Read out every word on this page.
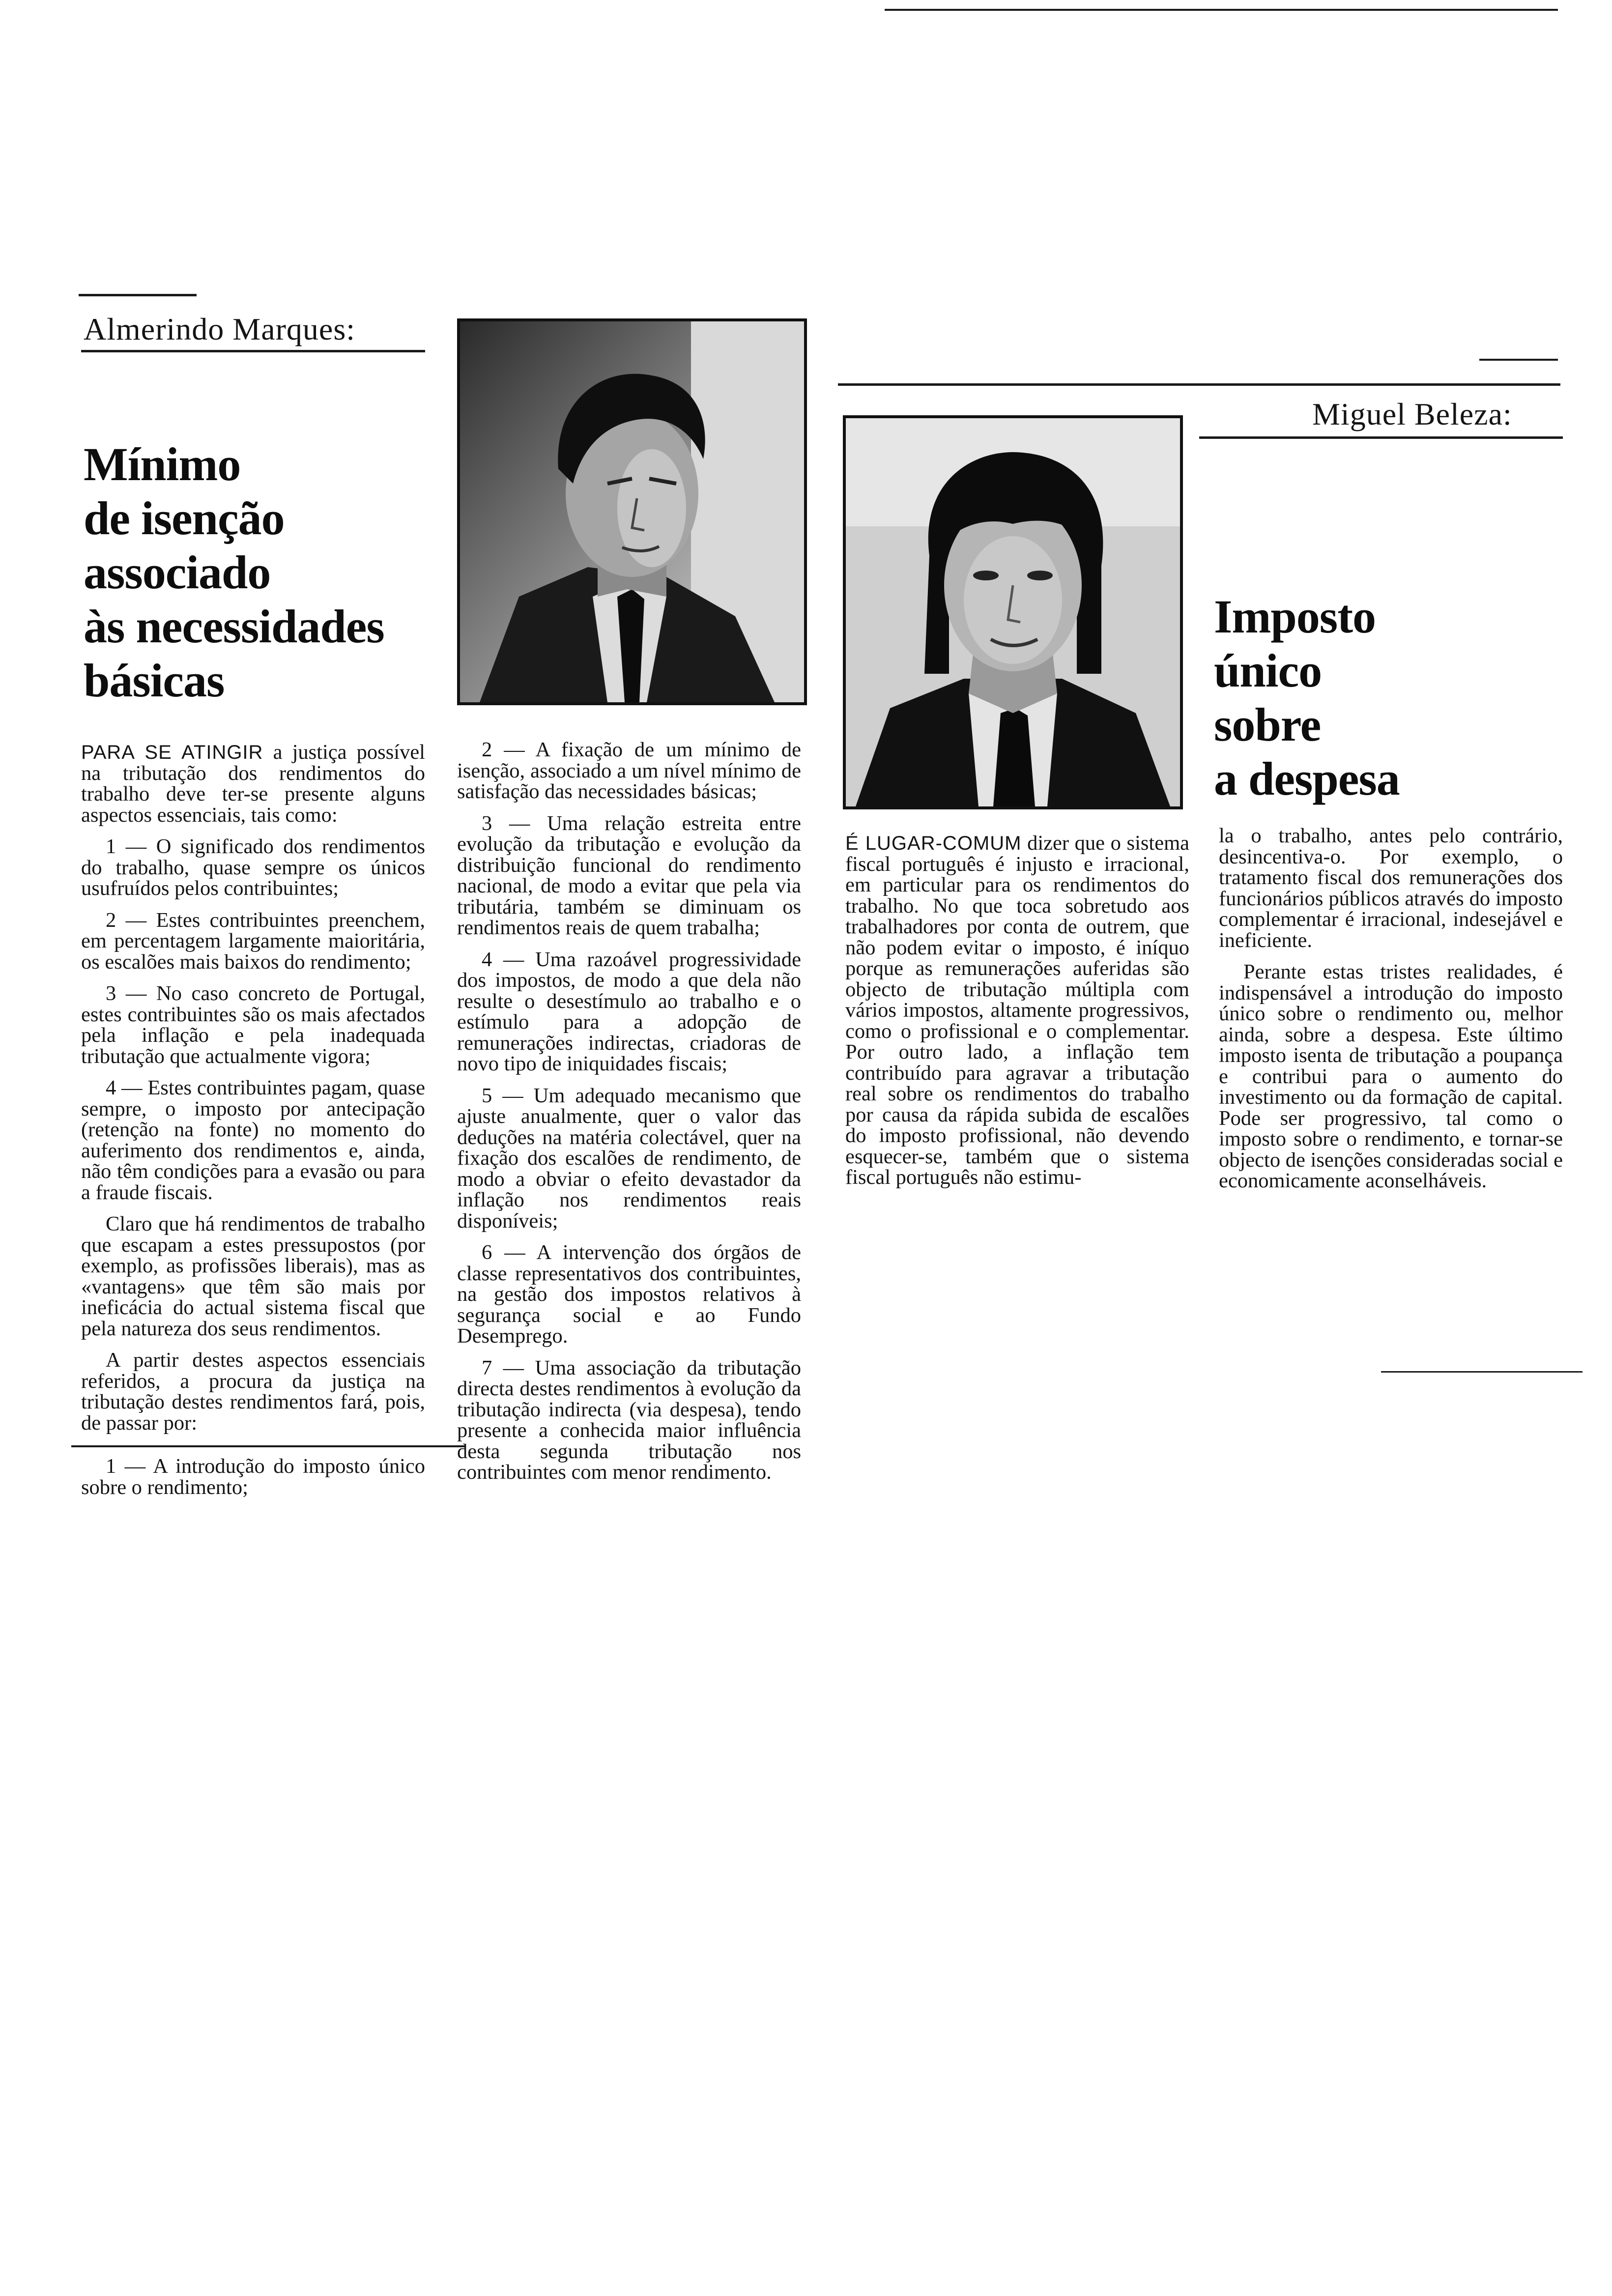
Almerindo Marques:
Mínimo
de isenção
associado
às necessidades
básicas

PARA SE ATINGIR a justiça possível na tributação dos rendimentos do trabalho deve ter-se presente alguns aspectos essenciais, tais como:

1 — O significado dos rendimentos do trabalho, quase sempre os únicos usufruídos pelos contribuintes;

2 — Estes contribuintes preenchem, em percentagem largamente maioritária, os escalões mais baixos do rendimento;

3 — No caso concreto de Portugal, estes contribuintes são os mais afectados pela inflação e pela inadequada tributação que actualmente vigora;

4 — Estes contribuintes pagam, quase sempre, o imposto por antecipação (retenção na fonte) no momento do auferimento dos rendimentos e, ainda, não têm condições para a evasão ou para a fraude fiscais.

Claro que há rendimentos de trabalho que escapam a estes pressupostos (por exemplo, as profissões liberais), mas as «vantagens» que têm são mais por ineficácia do actual sistema fiscal que pela natureza dos seus rendimentos.

A partir destes aspectos essenciais referidos, a procura da justiça na tributação destes rendimentos fará, pois, de passar por:

1 — A introdução do imposto único sobre o rendimento;

2 — A fixação de um mínimo de isenção, associado a um nível mínimo de satisfação das necessidades básicas;

3 — Uma relação estreita entre evolução da tributação e evolução da distribuição funcional do rendimento nacional, de modo a evitar que pela via tributária, também se diminuam os rendimentos reais de quem trabalha;

4 — Uma razoável progressividade dos impostos, de modo a que dela não resulte o desestímulo ao trabalho e o estímulo para a adopção de remunerações indirectas, criadoras de novo tipo de iniquidades fiscais;

5 — Um adequado mecanismo que ajuste anualmente, quer o valor das deduções na matéria colectável, quer na fixação dos escalões de rendimento, de modo a obviar o efeito devastador da inflação nos rendimentos reais disponíveis;

6 — A intervenção dos órgãos de classe representativos dos contribuintes, na gestão dos impostos relativos à segurança social e ao Fundo Desemprego.

7 — Uma associação da tributação directa destes rendimentos à evolução da tributação indirecta (via despesa), tendo presente a conhecida maior influência desta segunda tributação nos contribuintes com menor rendimento.

Miguel Beleza:
Imposto
único
sobre
a despesa

É LUGAR-COMUM dizer que o sistema fiscal português é injusto e irracional, em particular para os rendimentos do trabalho. No que toca sobretudo aos trabalhadores por conta de outrem, que não podem evitar o imposto, é iníquo porque as remunerações auferidas são objecto de tributação múltipla com vários impostos, altamente progressivos, como o profissional e o complementar. Por outro lado, a inflação tem contribuído para agravar a tributação real sobre os rendimentos do trabalho por causa da rápida subida de escalões do imposto profissional, não devendo esquecer-se, também que o sistema fiscal português não estimu-

la o trabalho, antes pelo contrário, desincentiva-o. Por exemplo, o tratamento fiscal dos remunerações dos funcionários públicos através do imposto complementar é irracional, indesejável e ineficiente.

Perante estas tristes realidades, é indispensável a introdução do imposto único sobre o rendimento ou, melhor ainda, sobre a despesa. Este último imposto isenta de tributação a poupança e contribui para o aumento do investimento ou da formação de capital. Pode ser progressivo, tal como o imposto sobre o rendimento, e tornar-se objecto de isenções consideradas social e economicamente aconselháveis.
